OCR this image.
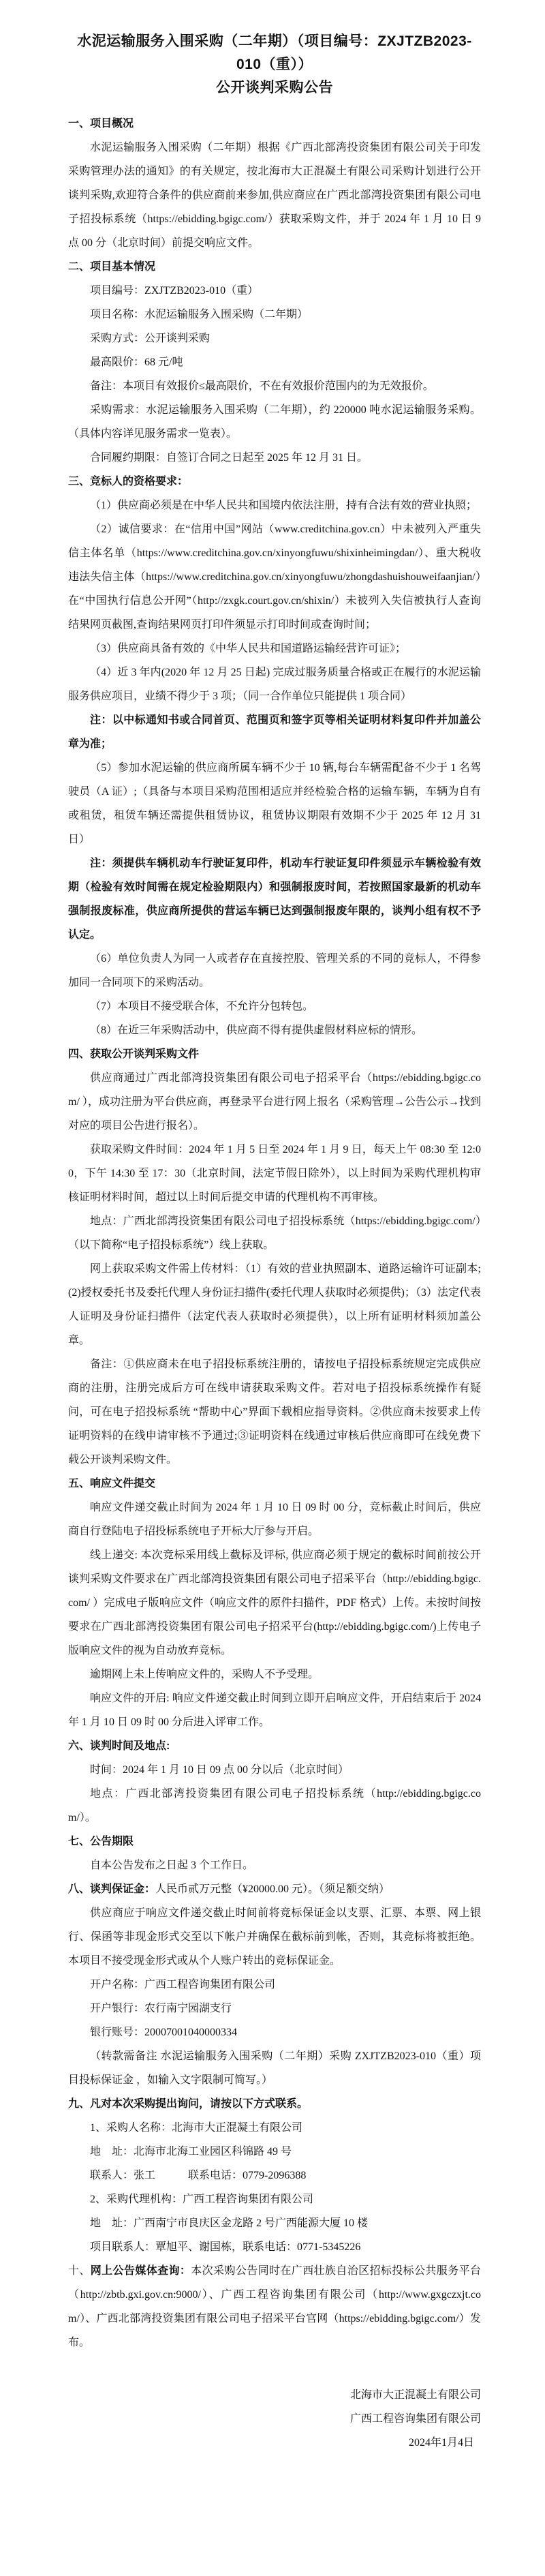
水泥运输服务入围采购（二年期）（项目编号：ZXJTZB2023-010（重））
公开谈判采购公告

一、项目概况

水泥运输服务入围采购（二年期）根据《广西北部湾投资集团有限公司关于印发采购管理办法的通知》的有关规定，按北海市大正混凝土有限公司采购计划进行公开谈判采购,欢迎符合条件的供应商前来参加,供应商应在广西北部湾投资集团有限公司电子招投标系统（https://ebidding.bgigc.com/）获取采购文件，并于 2024 年 1 月 10 日 9 点 00 分（北京时间）前提交响应文件。

二、项目基本情况

项目编号：ZXJTZB2023-010（重）

项目名称：水泥运输服务入围采购（二年期）

采购方式：公开谈判采购

最高限价：68 元/吨

备注：本项目有效报价≤最高限价，不在有效报价范围内的为无效报价。

采购需求：水泥运输服务入围采购（二年期），约 220000 吨水泥运输服务采购。（具体内容详见服务需求一览表）。

合同履约期限：自签订合同之日起至 2025 年 12 月 31 日。

三、竞标人的资格要求：

（1）供应商必须是在中华人民共和国境内依法注册，持有合法有效的营业执照；

（2）诚信要求：在“信用中国”网站（www.creditchina.gov.cn）中未被列入严重失信主体名单（https://www.creditchina.gov.cn/xinyongfuwu/shixinheimingdan/）、重大税收违法失信主体（https://www.creditchina.gov.cn/xinyongfuwu/zhongdashuishouweifaanjian/）在“中国执行信息公开网”（http://zxgk.court.gov.cn/shixin/）未被列入失信被执行人查询结果网页截图,查询结果网页打印件须显示打印时间或查询时间；

（3）供应商具备有效的《中华人民共和国道路运输经营许可证》；

（4）近 3 年内(2020 年 12 月 25 日起) 完成过服务质量合格或正在履行的水泥运输服务供应项目，业绩不得少于 3 项；（同一合作单位只能提供 1 项合同）

注：以中标通知书或合同首页、范围页和签字页等相关证明材料复印件并加盖公章为准；

（5）参加水泥运输的供应商所属车辆不少于 10 辆,每台车辆需配备不少于 1 名驾驶员（A 证）;（具备与本项目采购范围相适应并经检验合格的运输车辆，车辆为自有或租赁，租赁车辆还需提供租赁协议，租赁协议期限有效期不少于 2025 年 12 月 31 日）

注：须提供车辆机动车行驶证复印件，机动车行驶证复印件须显示车辆检验有效期（检验有效时间需在规定检验期限内）和强制报废时间，若按照国家最新的机动车强制报废标准，供应商所提供的营运车辆已达到强制报废年限的，谈判小组有权不予认定。

（6）单位负责人为同一人或者存在直接控股、管理关系的不同的竞标人，不得参加同一合同项下的采购活动。

（7）本项目不接受联合体，不允许分包转包。

（8）在近三年采购活动中，供应商不得有提供虚假材料应标的情形。

四、获取公开谈判采购文件

供应商通过广西北部湾投资集团有限公司电子招采平台（https://ebidding.bgigc.com/ ），成功注册为平台供应商，再登录平台进行网上报名（采购管理→公告公示→找到对应的项目公告进行报名）。

获取采购文件时间：2024 年 1 月 5 日至 2024 年 1 月 9 日，每天上午 08:30 至 12:00，下午 14:30 至 17：30（北京时间，法定节假日除外），以上时间为采购代理机构审核证明材料时间，超过以上时间后提交申请的代理机构不再审核。

地点：广西北部湾投资集团有限公司电子招投标系统（https://ebidding.bgigc.com/）（以下简称“电子招投标系统”）线上获取。

网上获取采购文件需上传材料：（1）有效的营业执照副本、道路运输许可证副本;(2)授权委托书及委托代理人身份证扫描件(委托代理人获取时必须提供)；（3）法定代表人证明及身份证扫描件（法定代表人获取时必须提供），以上所有证明材料须加盖公章。

备注：①供应商未在电子招投标系统注册的，请按电子招投标系统规定完成供应商的注册，注册完成后方可在线申请获取采购文件。若对电子招投标系统操作有疑问，可在电子招投标系统 “帮助中心”界面下载相应指导资料。②供应商未按要求上传证明资料的在线申请审核不予通过;③证明资料在线通过审核后供应商即可在线免费下载公开谈判采购文件。

五、响应文件提交

响应文件递交截止时间为 2024 年 1 月 10 日 09 时 00 分，竞标截止时间后，供应商自行登陆电子招投标系统电子开标大厅参与开启。

线上递交: 本次竞标采用线上截标及评标, 供应商必须于规定的截标时间前按公开谈判采购文件要求在广西北部湾投资集团有限公司电子招采平台（http://ebidding.bgigc.com/ ）完成电子版响应文件（响应文件的原件扫描件，PDF 格式）上传。未按时间按要求在广西北部湾投资集团有限公司电子招采平台(http://ebidding.bgigc.com/)上传电子版响应文件的视为自动放弃竞标。

逾期网上未上传响应文件的，采购人不予受理。

响应文件的开启: 响应文件递交截止时间到立即开启响应文件，开启结束后于 2024 年 1 月 10 日 09 时 00 分后进入评审工作。

六、谈判时间及地点:

时间：2024 年 1 月 10 日 09 点 00 分以后（北京时间）

地点：广西北部湾投资集团有限公司电子招投标系统（http://ebidding.bgigc.com/）。

七、公告期限

自本公告发布之日起 3 个工作日。

八、谈判保证金：人民币贰万元整（¥20000.00 元）。（须足额交纳）

供应商应于响应文件递交截止时间前将竞标保证金以支票、汇票、本票、网上银行、保函等非现金形式交至以下帐户并确保在截标前到帐，否则，其竞标将被拒绝。本项目不接受现金形式或从个人账户转出的竞标保证金。

开户名称：广西工程咨询集团有限公司

开户银行：农行南宁园湖支行

银行账号：20007001040000334

（转款需备注 水泥运输服务入围采购（二年期）采购 ZXJTZB2023-010（重）项目投标保证金 ，如输入文字限制可简写。）

九、凡对本次采购提出询问，请按以下方式联系。

1、采购人名称：北海市大正混凝土有限公司

地　址：北海市北海工业园区科锦路 49 号

联系人：张工　　　联系电话：0779-2096388

2、采购代理机构：广西工程咨询集团有限公司

地　址：广西南宁市良庆区金龙路 2 号广西能源大厦 10 楼

项目联系人：覃旭平、谢国栋，联系电话：0771-5345226

十、网上公告媒体查询：本次采购公告同时在广西壮族自治区招标投标公共服务平台（http://zbtb.gxi.gov.cn:9000/）、广西工程咨询集团有限公司（http://www.gxgczxjt.com/）、广西北部湾投资集团有限公司电子招采平台官网（https://ebidding.bgigc.com/）发布。

北海市大正混凝土有限公司
广西工程咨询集团有限公司
2024年1月4日
